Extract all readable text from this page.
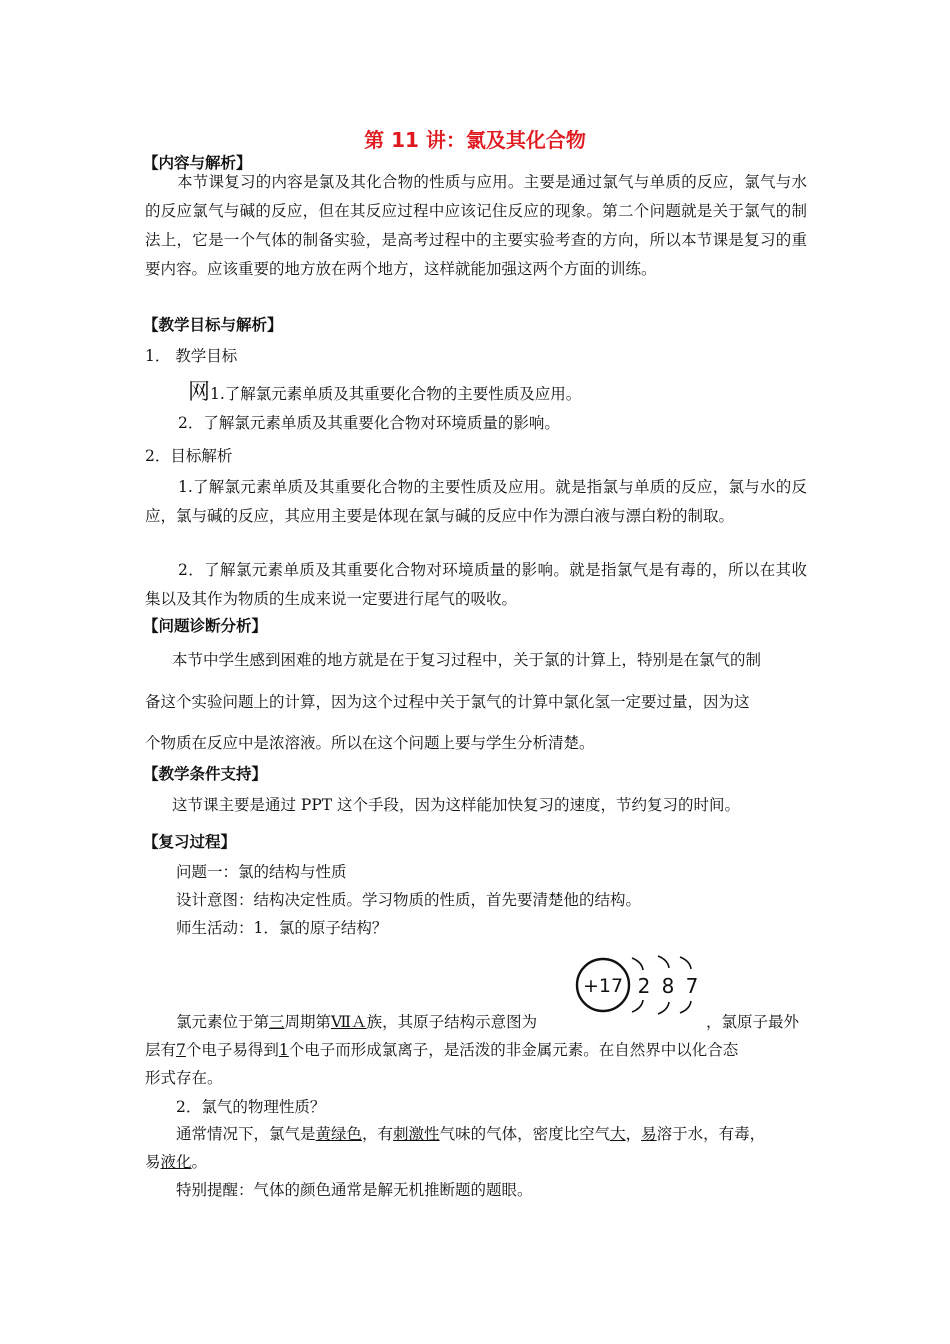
第 11 讲：氯及其化合物
【内容与解析】
本节课复习的内容是氯及其化合物的性质与应用。主要是通过氯气与单质的反应，氯气与水的反应氯气与碱的反应，但在其反应过程中应该记住反应的现象。第二个问题就是关于氯气的制法上，它是一个气体的制备实验，是高考过程中的主要实验考查的方向，所以本节课是复习的重要内容。应该重要的地方放在两个地方，这样就能加强这两个方面的训练。
【教学目标与解析】
1． 教学目标
网1.了解氯元素单质及其重要化合物的主要性质及应用。
2．了解氯元素单质及其重要化合物对环境质量的影响。
2．目标解析
1.了解氯元素单质及其重要化合物的主要性质及应用。就是指氯与单质的反应，氯与水的反应，氯与碱的反应，其应用主要是体现在氯与碱的反应中作为漂白液与漂白粉的制取。
2．了解氯元素单质及其重要化合物对环境质量的影响。就是指氯气是有毒的，所以在其收集以及其作为物质的生成来说一定要进行尾气的吸收。
【问题诊断分析】
本节中学生感到困难的地方就是在于复习过程中，关于氯的计算上，特别是在氯气的制
备这个实验问题上的计算，因为这个过程中关于氯气的计算中氯化氢一定要过量，因为这
个物质在反应中是浓溶液。所以在这个问题上要与学生分析清楚。
【教学条件支持】
这节课主要是通过 PPT 这个手段，因为这样能加快复习的速度，节约复习的时间。
【复习过程】
问题一：氯的结构与性质
设计意图：结构决定性质。学习物质的性质，首先要清楚他的结构。
师生活动：1．氯的原子结构？
+17 2 8 7
氯元素位于第三周期第ⅦＡ族，其原子结构示意图为	，氯原子最外
层有7个电子易得到1个电子而形成氯离子，是活泼的非金属元素。在自然界中以化合态
形式存在。
2．氯气的物理性质？
通常情况下，氯气是黄绿色，有刺激性气味的气体，密度比空气大，易溶于水，有毒，
易液化。
特别提醒：气体的颜色通常是解无机推断题的题眼。
